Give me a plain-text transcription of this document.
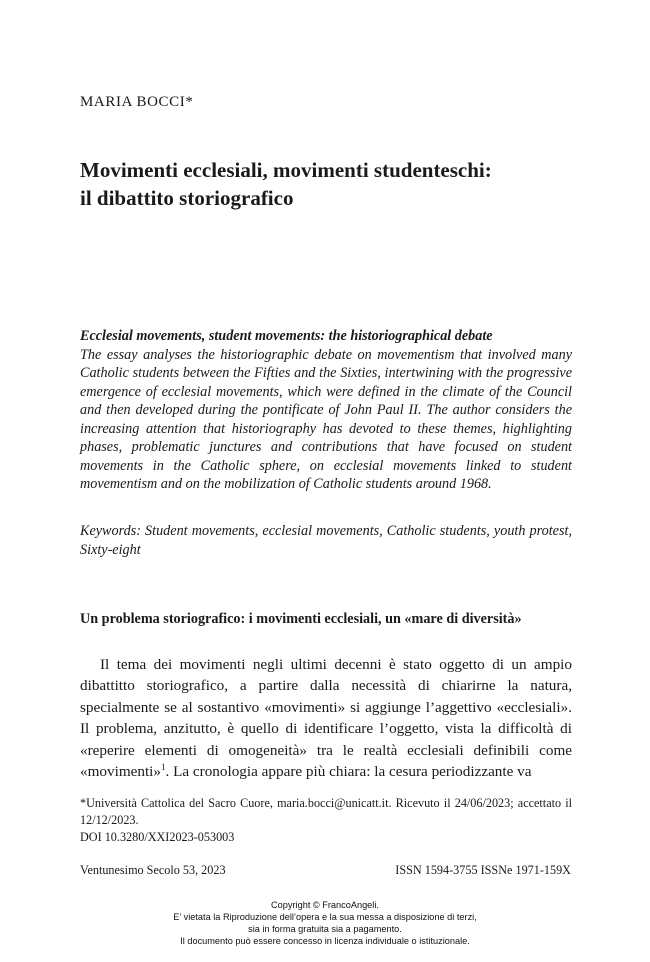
MARIA BOCCI*
Movimenti ecclesiali, movimenti studenteschi:
il dibattito storiografico

Ecclesial movements, student movements: the historiographical debate
The essay analyses the historiographic debate on movementism that involved many Catholic students between the Fifties and the Sixties, intertwining with the progressive emergence of ecclesial movements, which were defined in the climate of the Council and then developed during the pontificate of John Paul II. The author considers the increasing attention that historiography has devoted to these themes, highlighting phases, problematic junctures and contributions that have focused on student movements in the Catholic sphere, on ecclesial movements linked to student movementism and on the mobilization of Catholic students around 1968.

Keywords: Student movements, ecclesial movements, Catholic students, youth protest, Sixty-eight

Un problema storiografico: i movimenti ecclesiali, un «mare di diversità»

Il tema dei movimenti negli ultimi decenni è stato oggetto di un ampio dibattitto storiografico, a partire dalla necessità di chiarirne la natura, specialmente se al sostantivo «movimenti» si aggiunge l’aggettivo «ecclesiali». Il problema, anzitutto, è quello di identificare l’oggetto, vista la difficoltà di «reperire elementi di omogeneità» tra le realtà ecclesiali definibili come «movimenti»$^1$. La cronologia appare più chiara: la cesura periodizzante va

*Università Cattolica del Sacro Cuore, maria.bocci@unicatt.it. Ricevuto il 24/06/2023; accettato il 12/12/2023.
DOI 10.3280/XXI2023-053003

Ventunesimo Secolo 53, 2023	ISSN 1594-3755 ISSNe 1971-159X
Copyright © FrancoAngeli.
E’ vietata la Riproduzione dell’opera e la sua messa a disposizione di terzi,
sia in forma gratuita sia a pagamento.
Il documento può essere concesso in licenza individuale o istituzionale.
